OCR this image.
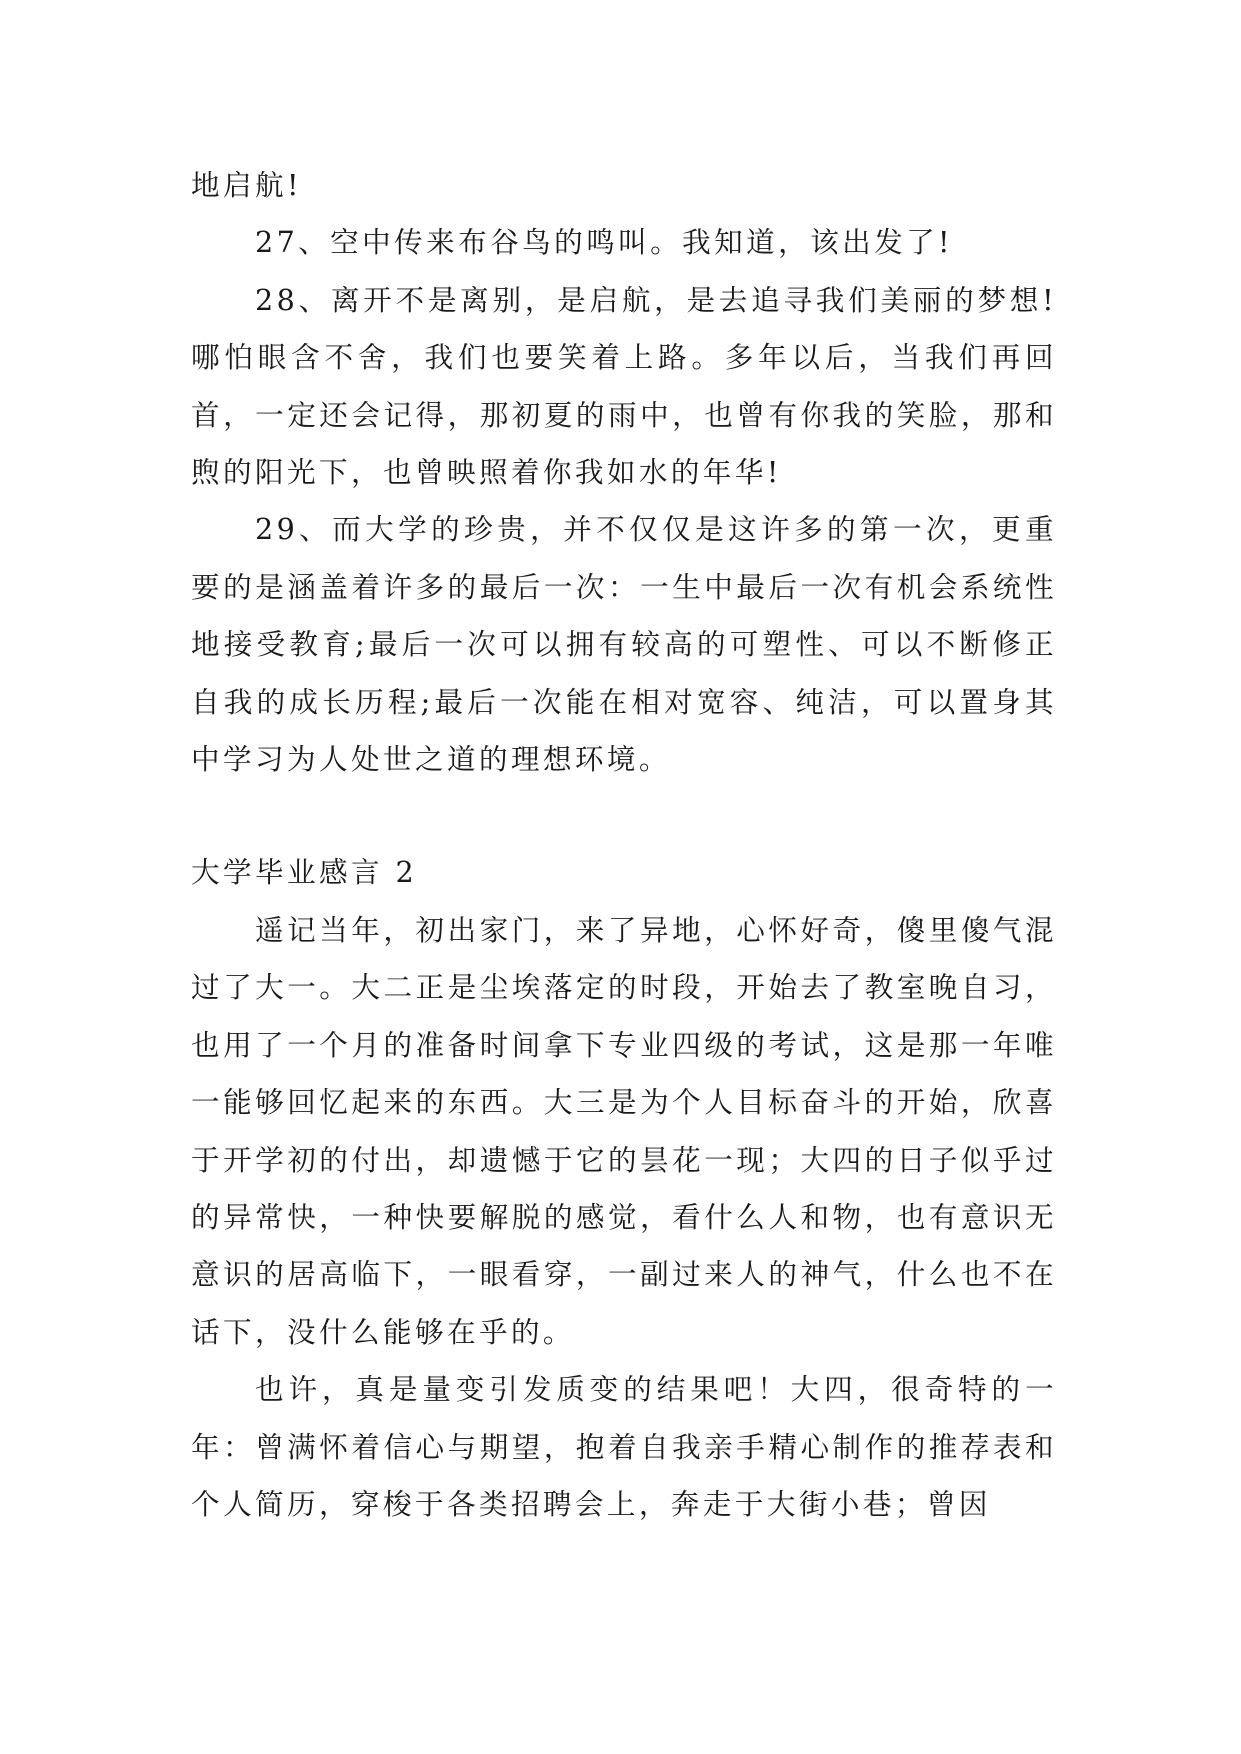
地启航!

27、空中传来布谷鸟的鸣叫。我知道，该出发了!

28、离开不是离别，是启航，是去追寻我们美丽的梦想!哪怕眼含不舍，我们也要笑着上路。多年以后，当我们再回首，一定还会记得，那初夏的雨中，也曾有你我的笑脸，那和煦的阳光下，也曾映照着你我如水的年华!

29、而大学的珍贵，并不仅仅是这许多的第一次，更重要的是涵盖着许多的最后一次：一生中最后一次有机会系统性地接受教育;最后一次可以拥有较高的可塑性、可以不断修正自我的成长历程;最后一次能在相对宽容、纯洁，可以置身其中学习为人处世之道的理想环境。

大学毕业感言 2

遥记当年，初出家门，来了异地，心怀好奇，傻里傻气混过了大一。大二正是尘埃落定的时段，开始去了教室晚自习，也用了一个月的准备时间拿下专业四级的考试，这是那一年唯一能够回忆起来的东西。大三是为个人目标奋斗的开始，欣喜于开学初的付出，却遗憾于它的昙花一现；大四的日子似乎过的异常快，一种快要解脱的感觉，看什么人和物，也有意识无意识的居高临下，一眼看穿，一副过来人的神气，什么也不在话下，没什么能够在乎的。

也许，真是量变引发质变的结果吧！大四，很奇特的一年：曾满怀着信心与期望，抱着自我亲手精心制作的推荐表和个人简历，穿梭于各类招聘会上，奔走于大街小巷；曾因
